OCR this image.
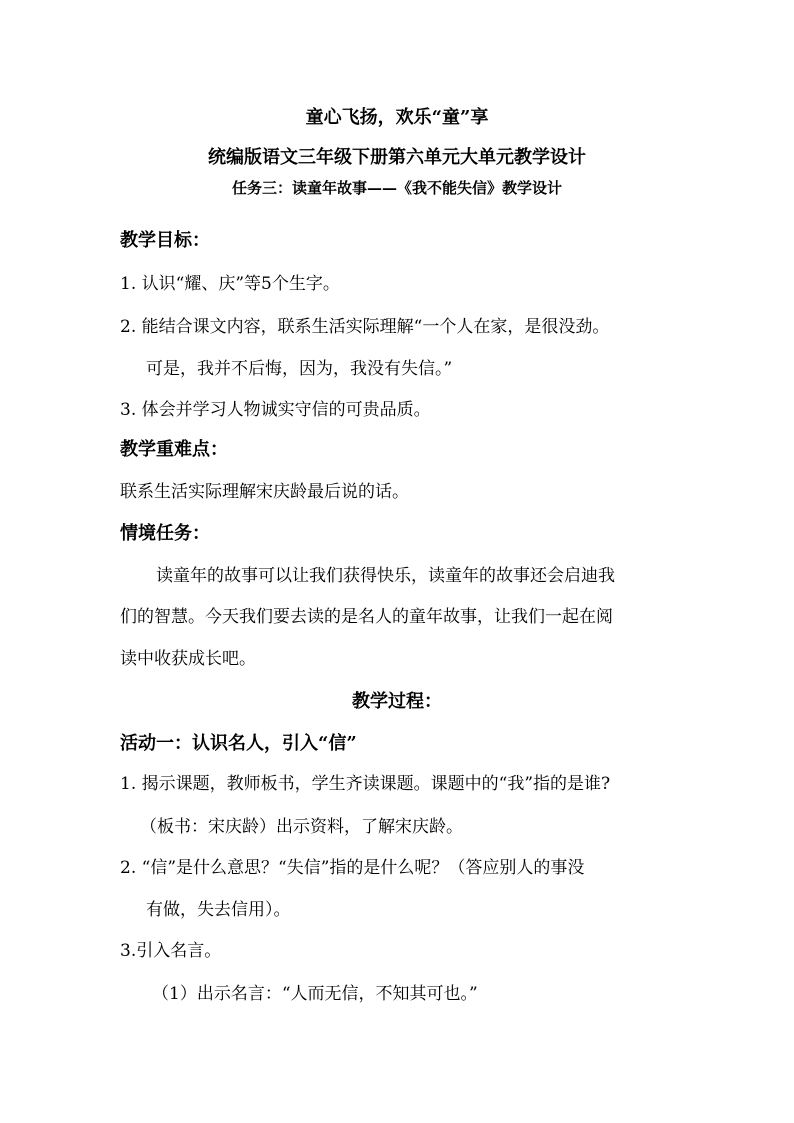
童心飞扬，欢乐“童”享
统编版语文三年级下册第六单元大单元教学设计
任务三：读童年故事——《我不能失信》教学设计
教学目标：
1. 认识“耀、庆”等5个生字。
2. 能结合课文内容，联系生活实际理解“一个人在家，是很没劲。
可是，我并不后悔，因为，我没有失信。”
3. 体会并学习人物诚实守信的可贵品质。
教学重难点：
联系生活实际理解宋庆龄最后说的话。
情境任务：
读童年的故事可以让我们获得快乐，读童年的故事还会启迪我
们的智慧。今天我们要去读的是名人的童年故事，让我们一起在阅
读中收获成长吧。
教学过程：
活动一：认识名人，引入“信”
1. 揭示课题，教师板书，学生齐读课题。课题中的“我”指的是谁?
（板书：宋庆龄）出示资料，了解宋庆龄。
2. “信”是什么意思？“失信”指的是什么呢？（答应别人的事没
有做，失去信用）。
3.引入名言。
（1）出示名言：“人而无信，不知其可也。”
